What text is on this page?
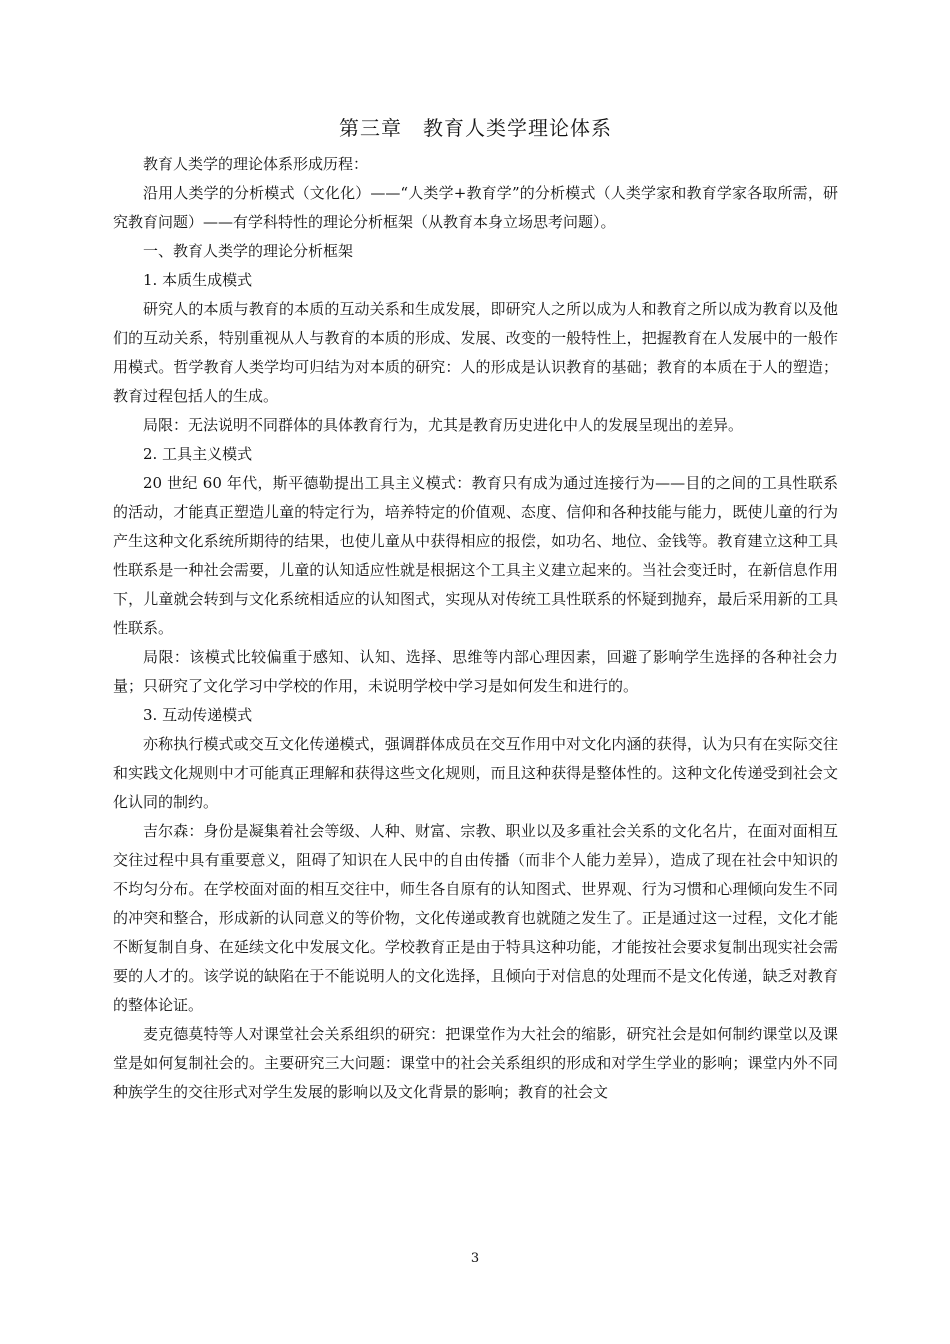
第三章　教育人类学理论体系

教育人类学的理论体系形成历程：

沿用人类学的分析模式（文化化）——“人类学+教育学”的分析模式（人类学家和教育学家各取所需，研究教育问题）——有学科特性的理论分析框架（从教育本身立场思考问题）。

一、教育人类学的理论分析框架

1. 本质生成模式

研究人的本质与教育的本质的互动关系和生成发展，即研究人之所以成为人和教育之所以成为教育以及他们的互动关系，特别重视从人与教育的本质的形成、发展、改变的一般特性上，把握教育在人发展中的一般作用模式。哲学教育人类学均可归结为对本质的研究：人的形成是认识教育的基础；教育的本质在于人的塑造；教育过程包括人的生成。

局限：无法说明不同群体的具体教育行为，尤其是教育历史进化中人的发展呈现出的差异。

2. 工具主义模式

20 世纪 60 年代，斯平德勒提出工具主义模式：教育只有成为通过连接行为——目的之间的工具性联系的活动，才能真正塑造儿童的特定行为，培养特定的价值观、态度、信仰和各种技能与能力，既使儿童的行为产生这种文化系统所期待的结果，也使儿童从中获得相应的报偿，如功名、地位、金钱等。教育建立这种工具性联系是一种社会需要，儿童的认知适应性就是根据这个工具主义建立起来的。当社会变迁时，在新信息作用下，儿童就会转到与文化系统相适应的认知图式，实现从对传统工具性联系的怀疑到抛弃，最后采用新的工具性联系。

局限：该模式比较偏重于感知、认知、选择、思维等内部心理因素，回避了影响学生选择的各种社会力量；只研究了文化学习中学校的作用，未说明学校中学习是如何发生和进行的。

3. 互动传递模式

亦称执行模式或交互文化传递模式，强调群体成员在交互作用中对文化内涵的获得，认为只有在实际交往和实践文化规则中才可能真正理解和获得这些文化规则，而且这种获得是整体性的。这种文化传递受到社会文化认同的制约。

吉尔森：身份是凝集着社会等级、人种、财富、宗教、职业以及多重社会关系的文化名片，在面对面相互交往过程中具有重要意义，阻碍了知识在人民中的自由传播（而非个人能力差异），造成了现在社会中知识的不均匀分布。在学校面对面的相互交往中，师生各自原有的认知图式、世界观、行为习惯和心理倾向发生不同的冲突和整合，形成新的认同意义的等价物，文化传递或教育也就随之发生了。正是通过这一过程，文化才能不断复制自身、在延续文化中发展文化。学校教育正是由于特具这种功能，才能按社会要求复制出现实社会需要的人才的。该学说的缺陷在于不能说明人的文化选择，且倾向于对信息的处理而不是文化传递，缺乏对教育的整体论证。

麦克德莫特等人对课堂社会关系组织的研究：把课堂作为大社会的缩影，研究社会是如何制约课堂以及课堂是如何复制社会的。主要研究三大问题：课堂中的社会关系组织的形成和对学生学业的影响；课堂内外不同种族学生的交往形式对学生发展的影响以及文化背景的影响；教育的社会文

3
